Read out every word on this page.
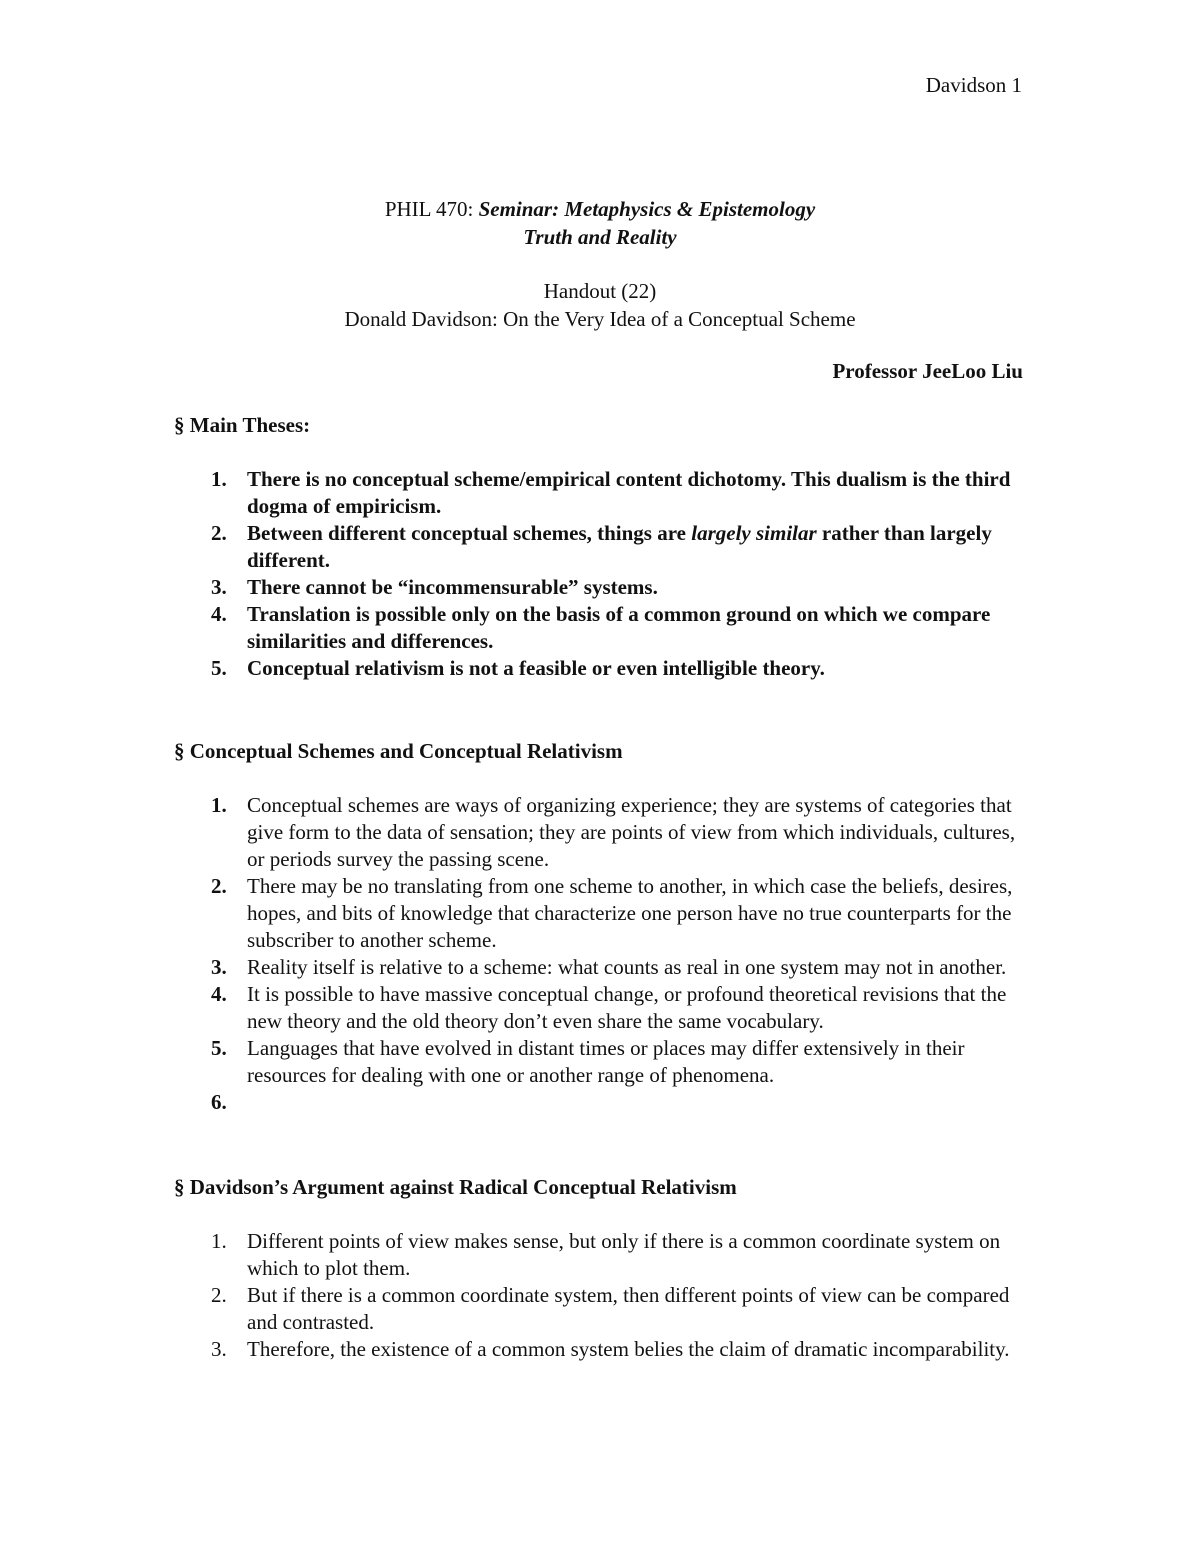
Davidson 1
PHIL 470: Seminar: Metaphysics & Epistemology
Truth and Reality
Handout (22)
Donald Davidson: On the Very Idea of a Conceptual Scheme
Professor JeeLoo Liu
§ Main Theses:
1. There is no conceptual scheme/empirical content dichotomy. This dualism is the third dogma of empiricism.
2. Between different conceptual schemes, things are largely similar rather than largely different.
3. There cannot be “incommensurable” systems.
4. Translation is possible only on the basis of a common ground on which we compare similarities and differences.
5. Conceptual relativism is not a feasible or even intelligible theory.
§ Conceptual Schemes and Conceptual Relativism
1. Conceptual schemes are ways of organizing experience; they are systems of categories that give form to the data of sensation; they are points of view from which individuals, cultures, or periods survey the passing scene.
2. There may be no translating from one scheme to another, in which case the beliefs, desires, hopes, and bits of knowledge that characterize one person have no true counterparts for the subscriber to another scheme.
3. Reality itself is relative to a scheme: what counts as real in one system may not in another.
4. It is possible to have massive conceptual change, or profound theoretical revisions that the new theory and the old theory don’t even share the same vocabulary.
5. Languages that have evolved in distant times or places may differ extensively in their resources for dealing with one or another range of phenomena.
6.
§ Davidson’s Argument against Radical Conceptual Relativism
1. Different points of view makes sense, but only if there is a common coordinate system on which to plot them.
2. But if there is a common coordinate system, then different points of view can be compared and contrasted.
3. Therefore, the existence of a common system belies the claim of dramatic incomparability.
